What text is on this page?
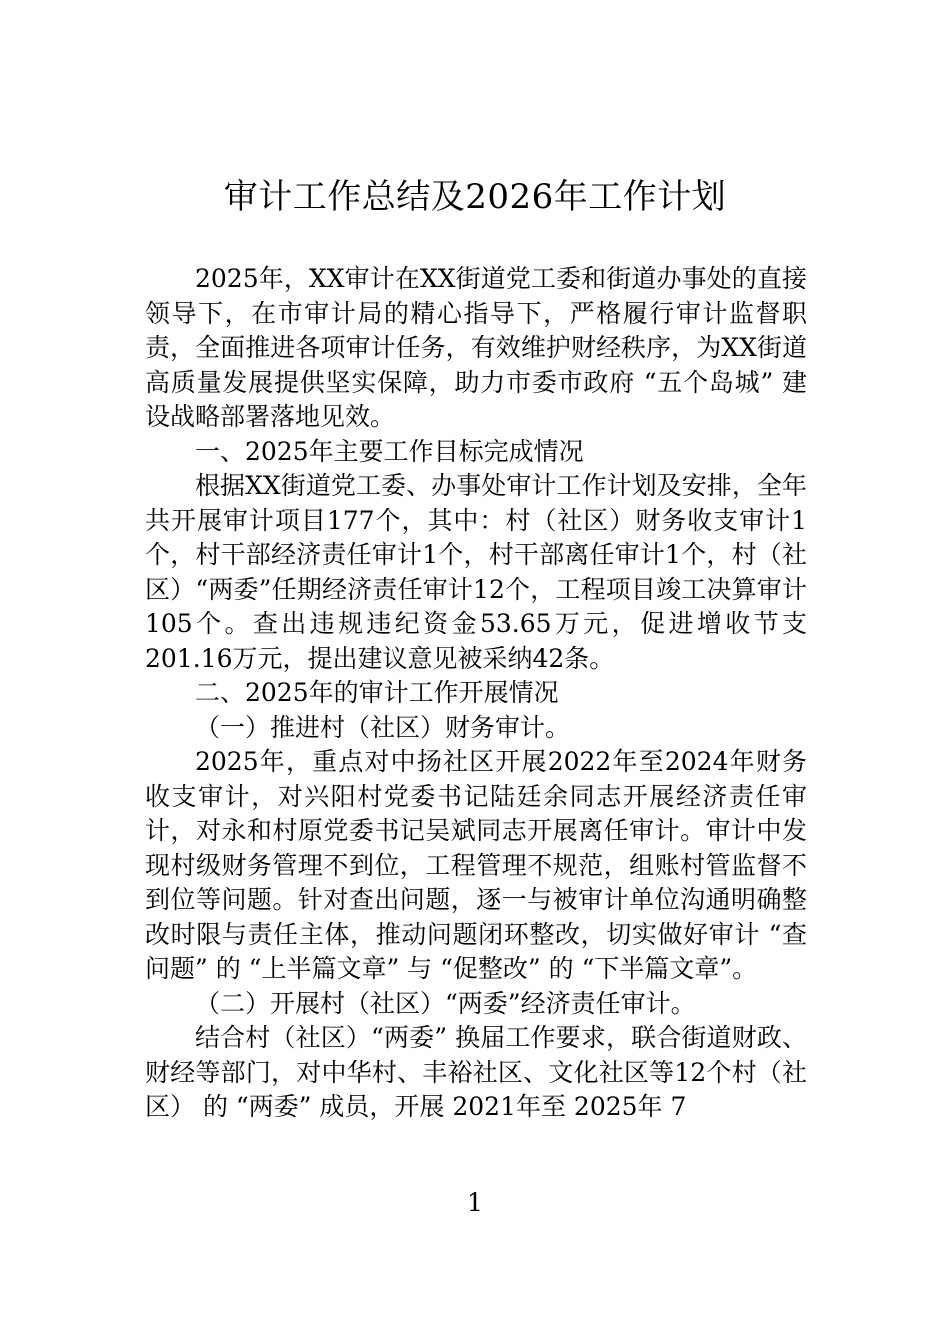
审计工作总结及2026年工作计划

2025年，XX审计在XX街道党工委和街道办事处的直接领导下，在市审计局的精心指导下，严格履行审计监督职责，全面推进各项审计任务，有效维护财经秩序，为XX街道高质量发展提供坚实保障，助力市委市政府 “五个岛城” 建设战略部署落地见效。

一、2025年主要工作目标完成情况

根据XX街道党工委、办事处审计工作计划及安排，全年共开展审计项目177个，其中：村（社区）财务收支审计1个，村干部经济责任审计1个，村干部离任审计1个，村（社区）“两委”任期经济责任审计12个，工程项目竣工决算审计105个。查出违规违纪资金53.65万元，促进增收节支201.16万元，提出建议意见被采纳42条。

二、2025年的审计工作开展情况

（一）推进村（社区）财务审计。

2025年，重点对中扬社区开展2022年至2024年财务收支审计，对兴阳村党委书记陆廷余同志开展经济责任审计，对永和村原党委书记吴斌同志开展离任审计。审计中发现村级财务管理不到位，工程管理不规范，组账村管监督不到位等问题。针对查出问题，逐一与被审计单位沟通明确整改时限与责任主体，推动问题闭环整改，切实做好审计 “查问题” 的 “上半篇文章” 与 “促整改” 的 “下半篇文章”。

（二）开展村（社区）“两委”经济责任审计。

结合村（社区）“两委” 换届工作要求，联合街道财政、财经等部门，对中华村、丰裕社区、文化社区等12个村（社区） 的 “两委” 成员，开展 2021年至 2025年 7

1
